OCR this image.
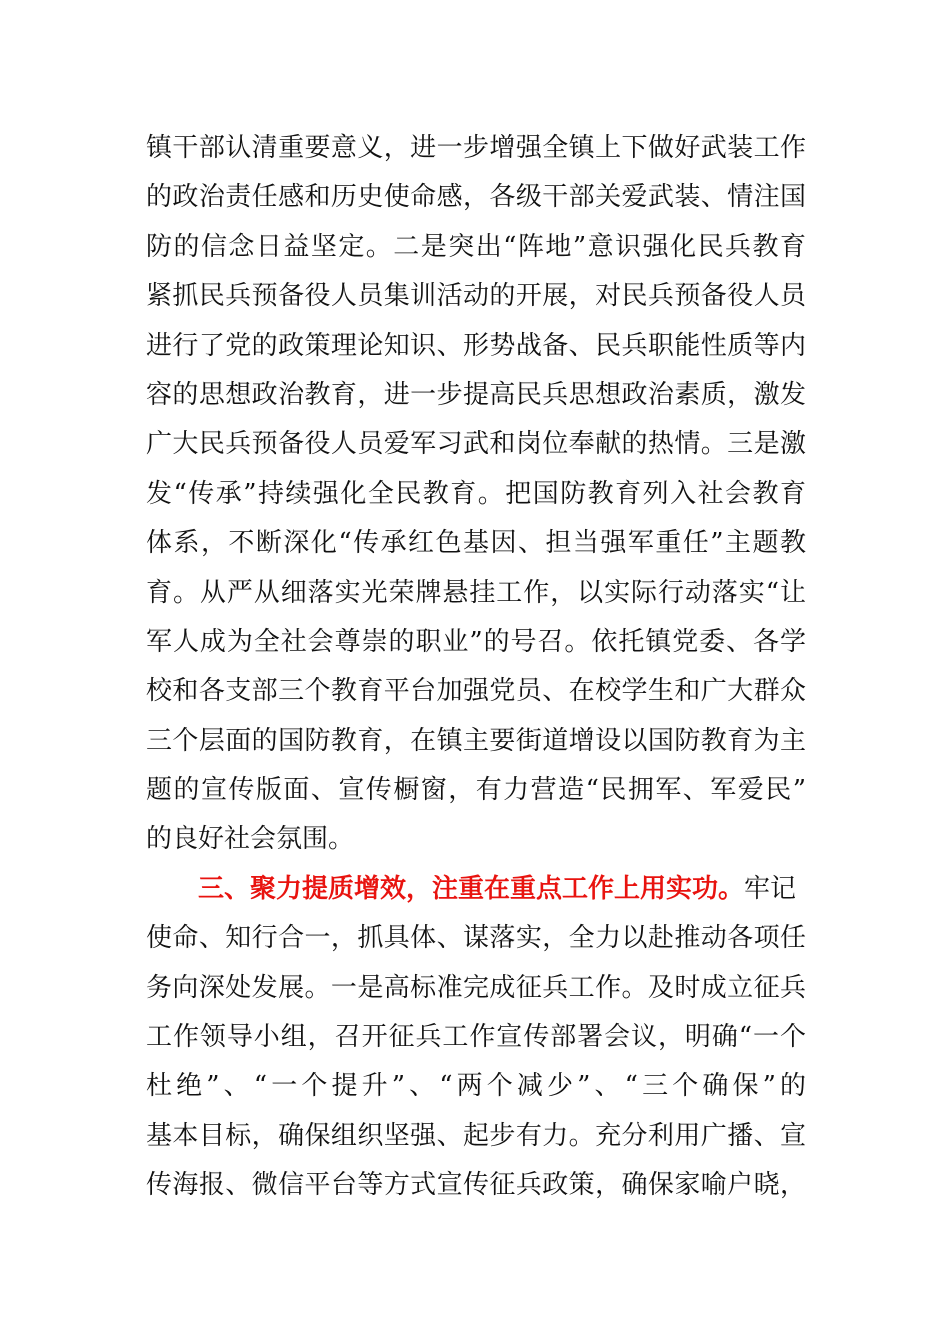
镇干部认清重要意义，进一步增强全镇上下做好武装工作
的政治责任感和历史使命感，各级干部关爱武装、情注国
防的信念日益坚定。二是突出“阵地”意识强化民兵教育
紧抓民兵预备役人员集训活动的开展，对民兵预备役人员
进行了党的政策理论知识、形势战备、民兵职能性质等内
容的思想政治教育，进一步提高民兵思想政治素质，激发
广大民兵预备役人员爱军习武和岗位奉献的热情。三是激
发“传承”持续强化全民教育。把国防教育列入社会教育
体系，不断深化“传承红色基因、担当强军重任”主题教
育。从严从细落实光荣牌悬挂工作，以实际行动落实“让
军人成为全社会尊崇的职业”的号召。依托镇党委、各学
校和各支部三个教育平台加强党员、在校学生和广大群众
三个层面的国防教育，在镇主要街道增设以国防教育为主
题的宣传版面、宣传橱窗，有力营造“民拥军、军爱民”
的良好社会氛围。
三、聚力提质增效，注重在重点工作上用实功。牢记
使命、知行合一，抓具体、谋落实，全力以赴推动各项任
务向深处发展。一是高标准完成征兵工作。及时成立征兵
工作领导小组，召开征兵工作宣传部署会议，明确“一个
杜绝”、“一个提升”、“两个减少”、“三个确保”的
基本目标，确保组织坚强、起步有力。充分利用广播、宣
传海报、微信平台等方式宣传征兵政策，确保家喻户晓，
